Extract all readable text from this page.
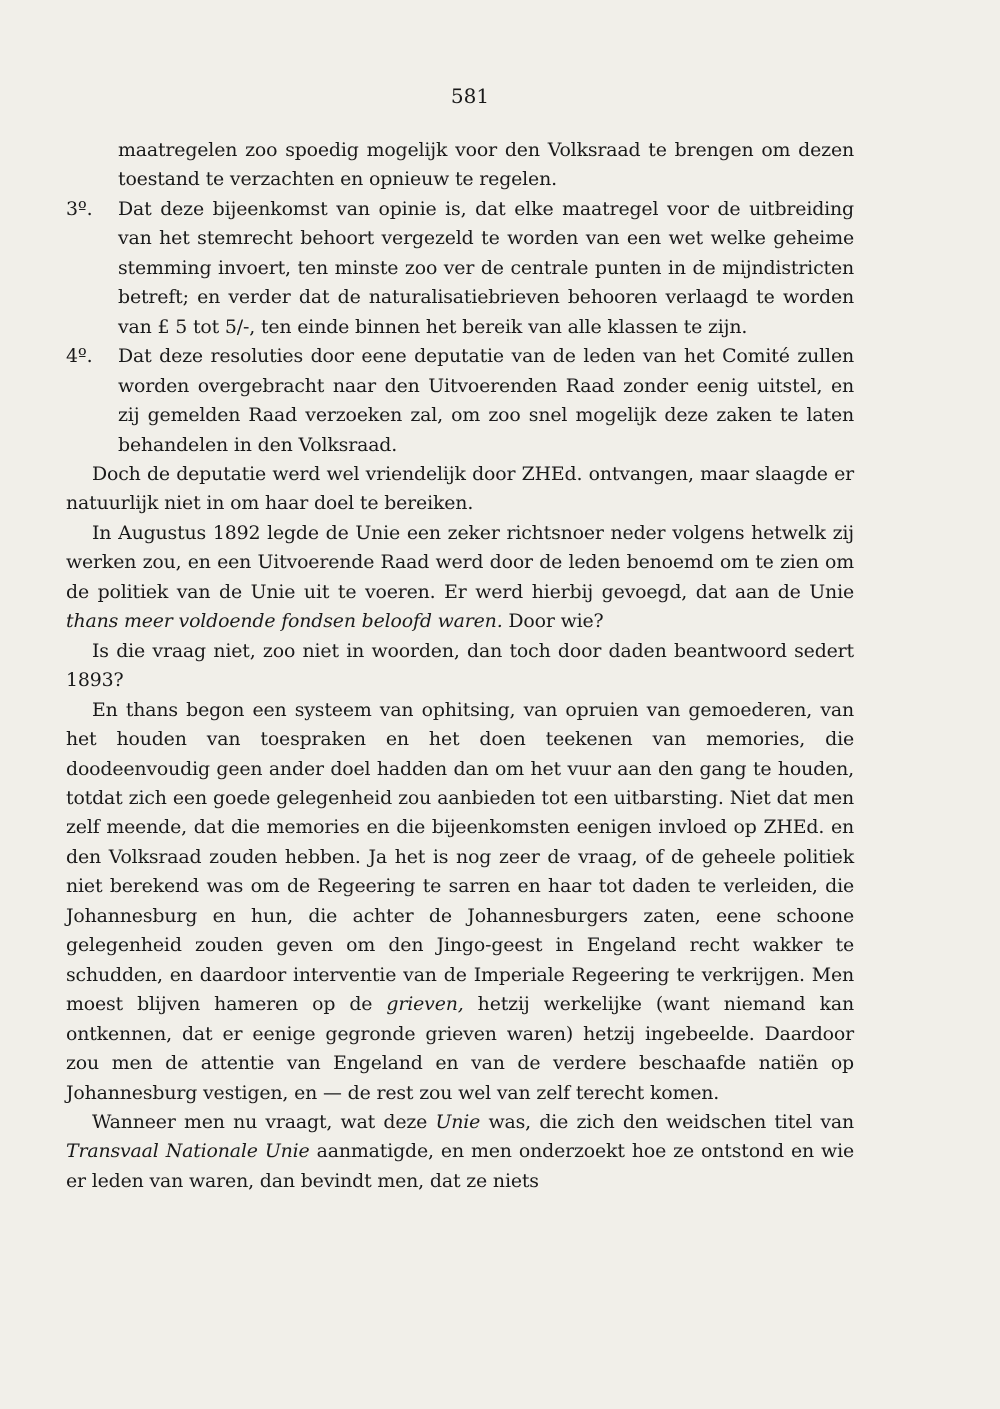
581

maatregelen zoo spoedig mogelijk voor den Volksraad te brengen om dezen toestand te verzachten en opnieuw te regelen.

3º. Dat deze bijeenkomst van opinie is, dat elke maatregel voor de uitbreiding van het stemrecht behoort vergezeld te worden van een wet welke geheime stemming invoert, ten minste zoo ver de centrale punten in de mijndistricten betreft; en verder dat de naturalisatiebrieven behooren verlaagd te worden van £ 5 tot 5/-, ten einde binnen het bereik van alle klassen te zijn.

4º. Dat deze resoluties door eene deputatie van de leden van het Comité zullen worden overgebracht naar den Uitvoerenden Raad zonder eenig uitstel, en zij gemelden Raad verzoeken zal, om zoo snel mogelijk deze zaken te laten behandelen in den Volksraad.

Doch de deputatie werd wel vriendelijk door ZHEd. ontvangen, maar slaagde er natuurlijk niet in om haar doel te bereiken.

In Augustus 1892 legde de Unie een zeker richtsnoer neder volgens hetwelk zij werken zou, en een Uitvoerende Raad werd door de leden benoemd om te zien om de politiek van de Unie uit te voeren. Er werd hierbij gevoegd, dat aan de Unie thans meer voldoende fondsen beloofd waren. Door wie?

Is die vraag niet, zoo niet in woorden, dan toch door daden beantwoord sedert 1893?

En thans begon een systeem van ophitsing, van opruien van gemoederen, van het houden van toespraken en het doen teekenen van memories, die doodeenvoudig geen ander doel hadden dan om het vuur aan den gang te houden, totdat zich een goede gelegenheid zou aanbieden tot een uitbarsting. Niet dat men zelf meende, dat die memories en die bijeenkomsten eenigen invloed op ZHEd. en den Volksraad zouden hebben. Ja het is nog zeer de vraag, of de geheele politiek niet berekend was om de Regeering te sarren en haar tot daden te verleiden, die Johannesburg en hun, die achter de Johannesburgers zaten, eene schoone gelegenheid zouden geven om den Jingo-geest in Engeland recht wakker te schudden, en daardoor interventie van de Imperiale Regeering te verkrijgen. Men moest blijven hameren op de grieven, hetzij werkelijke (want niemand kan ontkennen, dat er eenige gegronde grieven waren) hetzij ingebeelde. Daardoor zou men de attentie van Engeland en van de verdere beschaafde natiën op Johannesburg vestigen, en — de rest zou wel van zelf terecht komen.

Wanneer men nu vraagt, wat deze Unie was, die zich den weidschen titel van Transvaal Nationale Unie aanmatigde, en men onderzoekt hoe ze ontstond en wie er leden van waren, dan bevindt men, dat ze niets
